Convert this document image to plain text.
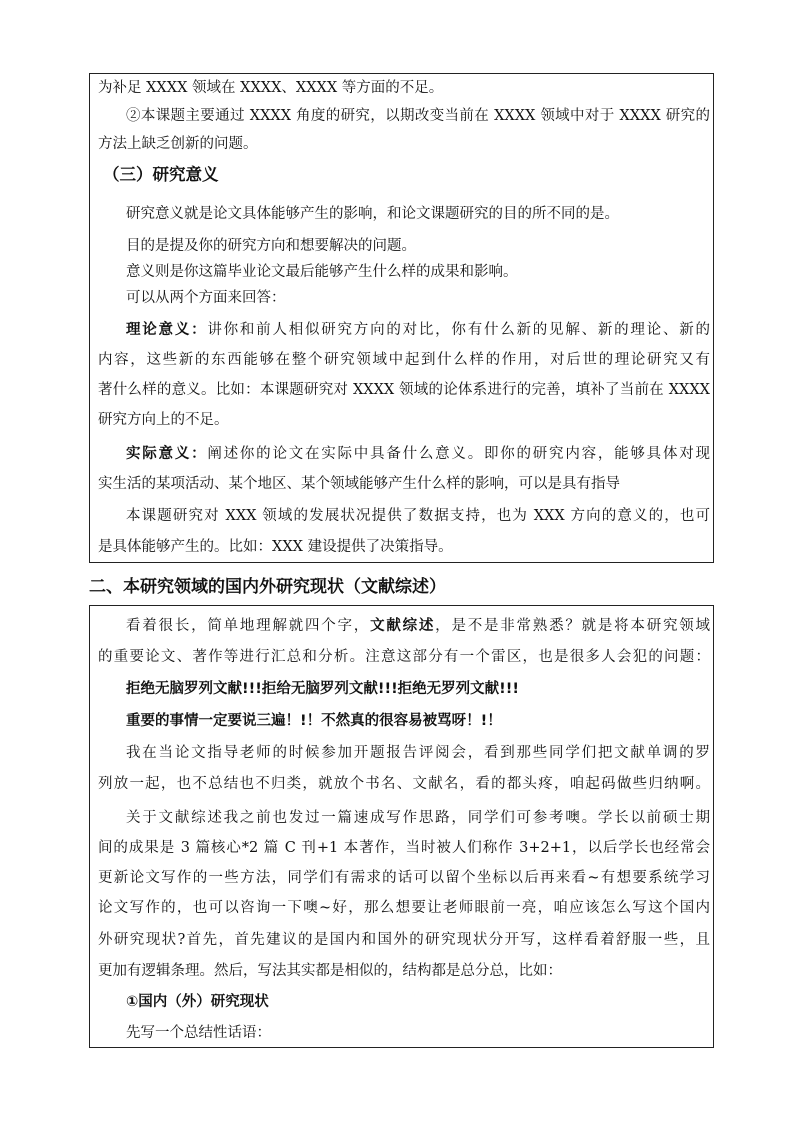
为补足 XXXX 领域在 XXXX、XXXX 等方面的不足。
②本课题主要通过 XXXX 角度的研究，以期改变当前在 XXXX 领域中对于 XXXX 研究的
方法上缺乏创新的问题。
（三）研究意义
研究意义就是论文具体能够产生的影响，和论文课题研究的目的所不同的是。
目的是提及你的研究方向和想要解决的问题。
意义则是你这篇毕业论文最后能够产生什么样的成果和影响。
可以从两个方面来回答：
理论意义：讲你和前人相似研究方向的对比，你有什么新的见解、新的理论、新的
内容，这些新的东西能够在整个研究领域中起到什么样的作用，对后世的理论研究又有
著什么样的意义。比如：本课题研究对 XXXX 领域的论体系进行的完善，填补了当前在 XXXX
研究方向上的不足。
实际意义：阐述你的论文在实际中具备什么意义。即你的研究内容，能够具体对现
实生活的某项活动、某个地区、某个领域能够产生什么样的影响，可以是具有指导
本课题研究对 XXX 领域的发展状况提供了数据支持，也为 XXX 方向的意义的，也可
是具体能够产生的。比如：XXX 建设提供了决策指导。
二、本研究领域的国内外研究现状（文献综述）
看着很长，简单地理解就四个字，文献综述，是不是非常熟悉？就是将本研究领域
的重要论文、著作等进行汇总和分析。注意这部分有一个雷区，也是很多人会犯的问题：
拒绝无脑罗列文献!!!拒给无脑罗列文献!!!拒绝无罗列文献!!!
重要的事情一定要说三遍！!！不然真的很容易被骂呀！!！
我在当论文指导老师的时候参加开题报告评阅会，看到那些同学们把文献单调的罗
列放一起，也不总结也不归类，就放个书名、文献名，看的都头疼，咱起码做些归纳啊。
关于文献综述我之前也发过一篇速成写作思路，同学们可参考噢。学长以前硕士期
间的成果是 3 篇核心*2 篇 C 刊+1 本著作，当时被人们称作 3+2+1，以后学长也经常会
更新论文写作的一些方法，同学们有需求的话可以留个坐标以后再来看~有想要系统学习
论文写作的，也可以咨询一下噢~好，那么想要让老师眼前一亮，咱应该怎么写这个国内
外研究现状?首先，首先建议的是国内和国外的研究现状分开写，这样看着舒服一些，且
更加有逻辑条理。然后，写法其实都是相似的，结构都是总分总，比如：
①国内（外）研究现状
先写一个总结性话语：
